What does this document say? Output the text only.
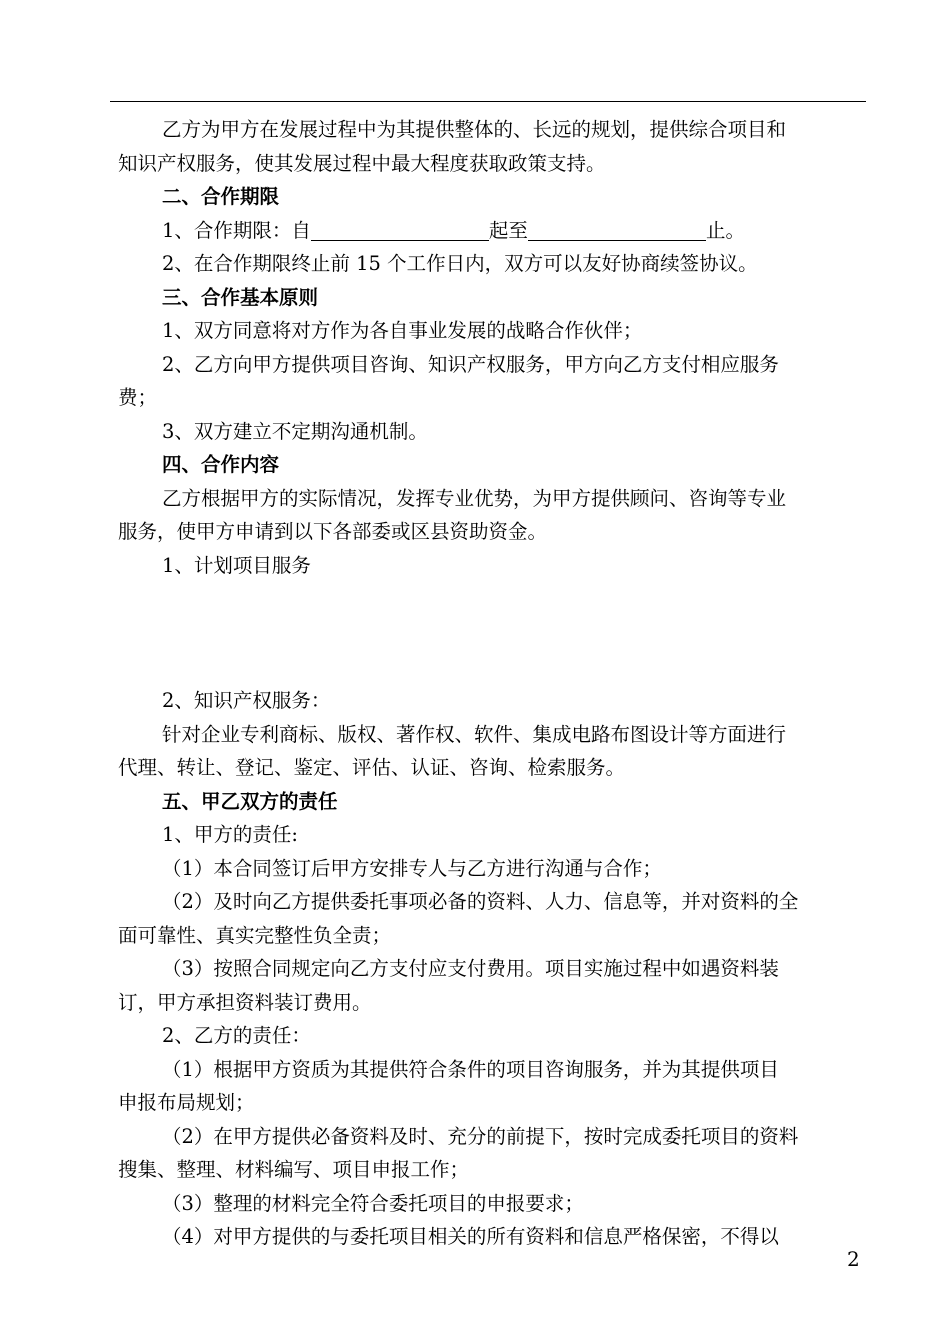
乙方为甲方在发展过程中为其提供整体的、长远的规划，提供综合项目和

知识产权服务，使其发展过程中最大程度获取政策支持。

二、合作期限

1、合作期限：自	起至	止。

2、在合作期限终止前 15 个工作日内，双方可以友好协商续签协议。

三、合作基本原则

1、双方同意将对方作为各自事业发展的战略合作伙伴；

2、乙方向甲方提供项目咨询、知识产权服务，甲方向乙方支付相应服务

费；

3、双方建立不定期沟通机制。

四、合作内容

乙方根据甲方的实际情况，发挥专业优势，为甲方提供顾问、咨询等专业

服务，使甲方申请到以下各部委或区县资助资金。

1、计划项目服务

2、知识产权服务：

针对企业专利商标、版权、著作权、软件、集成电路布图设计等方面进行

代理、转让、登记、鉴定、评估、认证、咨询、检索服务。

五、甲乙双方的责任

1、甲方的责任:

（1）本合同签订后甲方安排专人与乙方进行沟通与合作；

（2）及时向乙方提供委托事项必备的资料、人力、信息等，并对资料的全

面可靠性、真实完整性负全责；

（3）按照合同规定向乙方支付应支付费用。项目实施过程中如遇资料装

订，甲方承担资料装订费用。

2、乙方的责任：

（1）根据甲方资质为其提供符合条件的项目咨询服务，并为其提供项目

申报布局规划；

（2）在甲方提供必备资料及时、充分的前提下，按时完成委托项目的资料

搜集、整理、材料编写、项目申报工作；

（3）整理的材料完全符合委托项目的申报要求；

（4）对甲方提供的与委托项目相关的所有资料和信息严格保密，不得以

2
